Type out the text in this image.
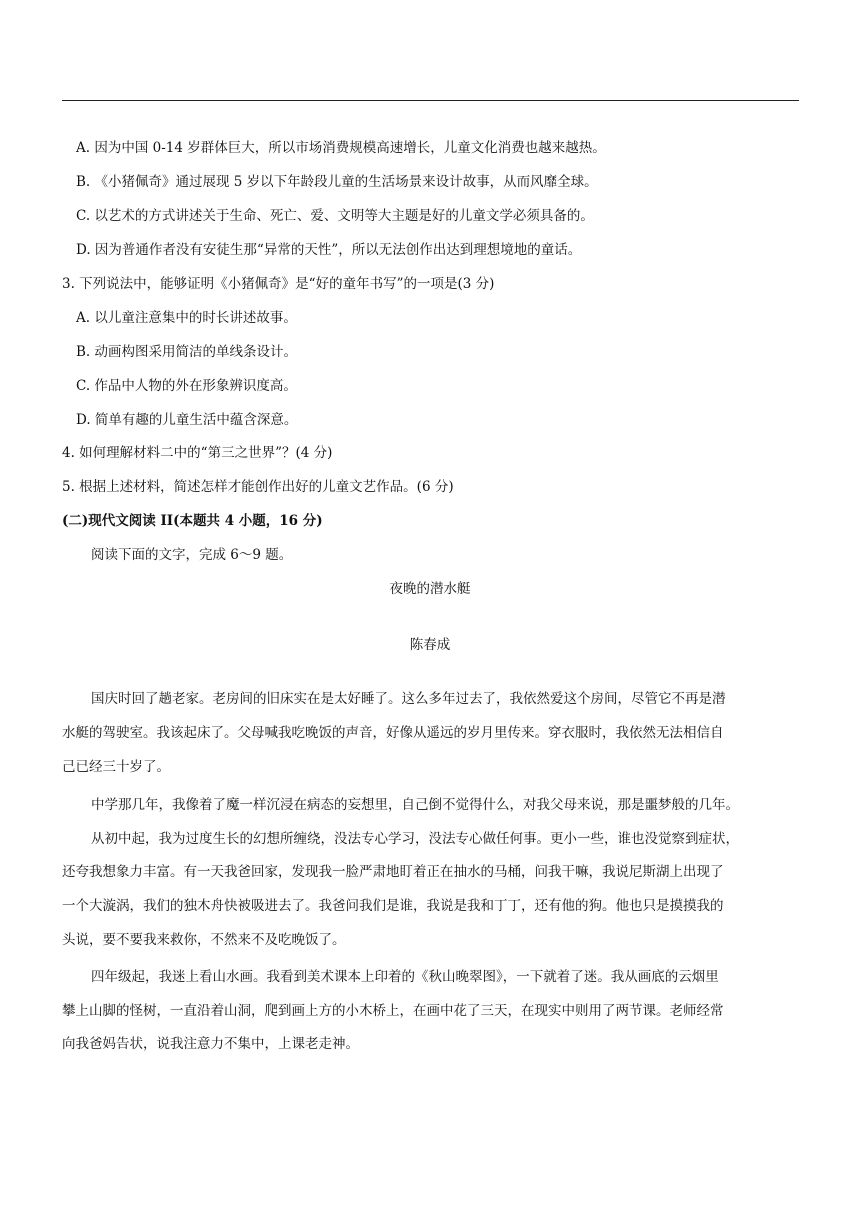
A. 因为中国 0-14 岁群体巨大，所以市场消费规模高速增长，儿童文化消费也越来越热。
B. 《小猪佩奇》通过展现 5 岁以下年龄段儿童的生活场景来设计故事，从而风靡全球。
C. 以艺术的方式讲述关于生命、死亡、爱、文明等大主题是好的儿童文学必须具备的。
D. 因为普通作者没有安徒生那“异常的天性”，所以无法创作出达到理想境地的童话。
3. 下列说法中，能够证明《小猪佩奇》是“好的童年书写”的一项是(3 分)
A. 以儿童注意集中的时长讲述故事。
B. 动画构图采用简洁的单线条设计。
C. 作品中人物的外在形象辨识度高。
D. 简单有趣的儿童生活中蕴含深意。
4. 如何理解材料二中的“第三之世界”？(4 分)
5. 根据上述材料，简述怎样才能创作出好的儿童文艺作品。(6 分)
(二)现代文阅读 II(本题共 4 小题，16 分)
阅读下面的文字，完成 6～9 题。
夜晚的潜水艇
陈春成
国庆时回了趟老家。老房间的旧床实在是太好睡了。这么多年过去了，我依然爱这个房间，尽管它不再是潜
水艇的驾驶室。我该起床了。父母喊我吃晚饭的声音，好像从遥远的岁月里传来。穿衣服时，我依然无法相信自
己已经三十岁了。
中学那几年，我像着了魔一样沉浸在病态的妄想里，自己倒不觉得什么，对我父母来说，那是噩梦般的几年。
从初中起，我为过度生长的幻想所缠绕，没法专心学习，没法专心做任何事。更小一些，谁也没觉察到症状，
还夸我想象力丰富。有一天我爸回家，发现我一脸严肃地盯着正在抽水的马桶，问我干嘛，我说尼斯湖上出现了
一个大漩涡，我们的独木舟快被吸进去了。我爸问我们是谁，我说是我和丁丁，还有他的狗。他也只是摸摸我的
头说，要不要我来救你，不然来不及吃晚饭了。
四年级起，我迷上看山水画。我看到美术课本上印着的《秋山晚翠图》，一下就着了迷。我从画底的云烟里
攀上山脚的怪树，一直沿着山洞，爬到画上方的小木桥上，在画中花了三天，在现实中则用了两节课。老师经常
向我爸妈告状，说我注意力不集中，上课老走神。
